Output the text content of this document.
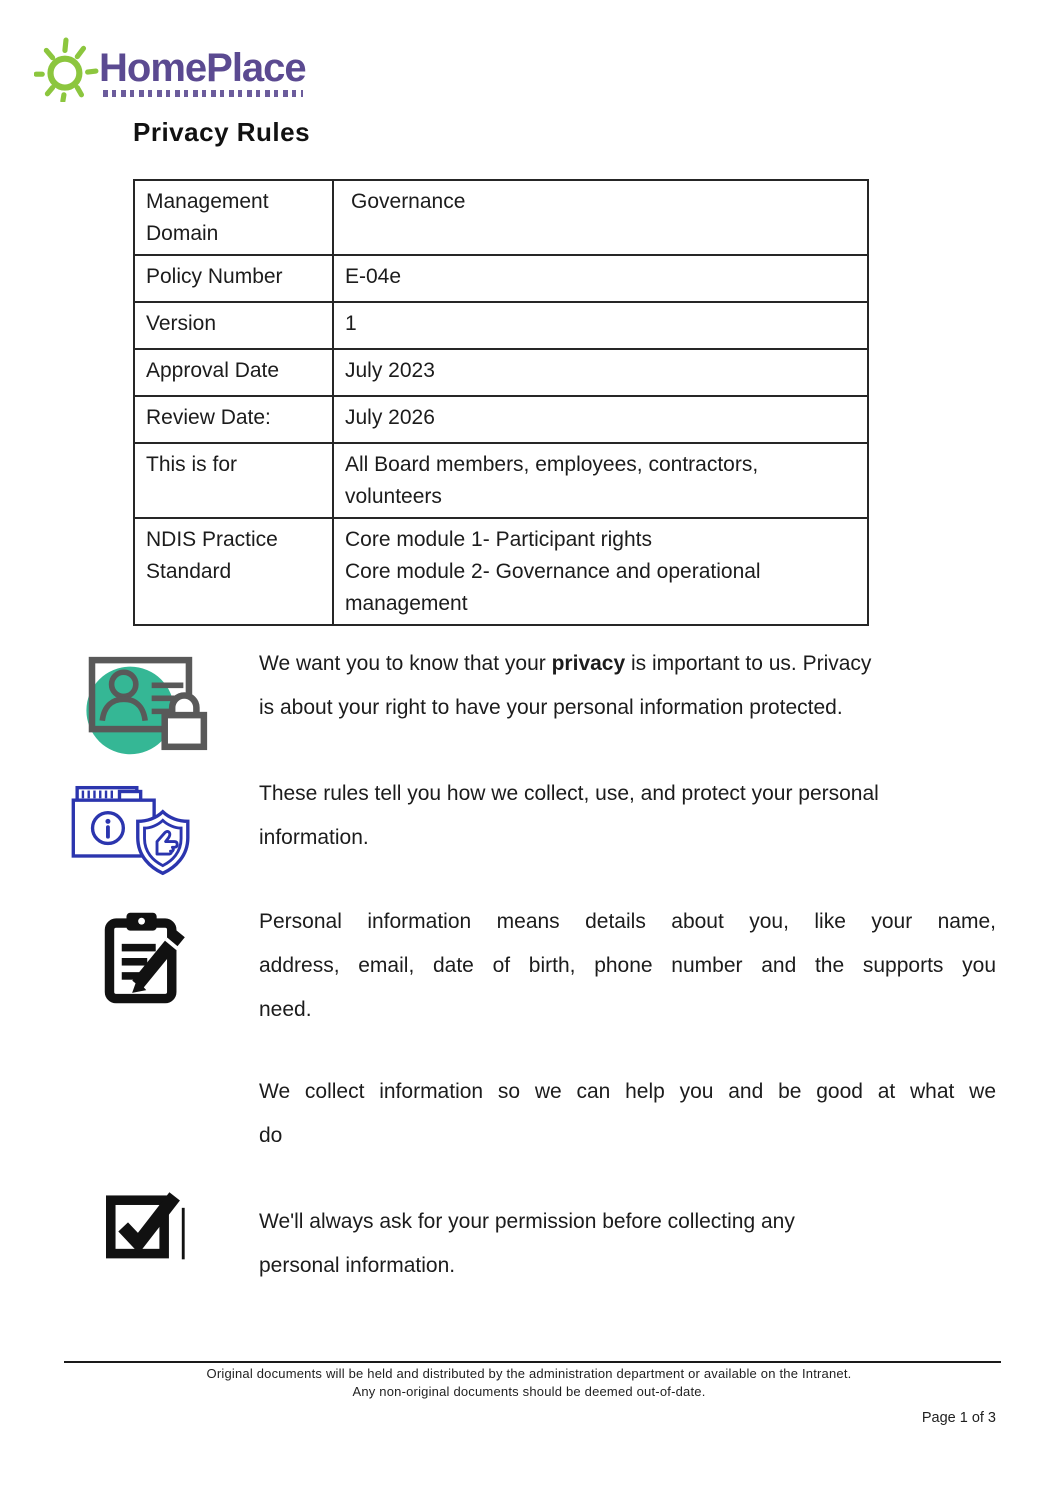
HomePlace
Privacy Rules
Management Domain	Governance

Policy Number	E-04e

Version	1

Approval Date	July 2023

Review Date:	July 2026

This is for	All Board members, employees, contractors,
volunteers

NDIS Practice Standard	Core module 1- Participant rights
Core module 2- Governance and operational
management
We want you to know that your privacy is important to us. Privacy
is about your right to have your personal information protected.
These rules tell you how we collect, use, and protect your personal
information.
Personal information means details about you, like your name,
address, email, date of birth, phone number and the supports you
need.
We collect information so we can help you and be good at what we
do
We'll always ask for your permission before collecting any
personal information.
Original documents will be held and distributed by the administration department or available on the Intranet.
Any non-original documents should be deemed out-of-date.
Page 1 of 3
